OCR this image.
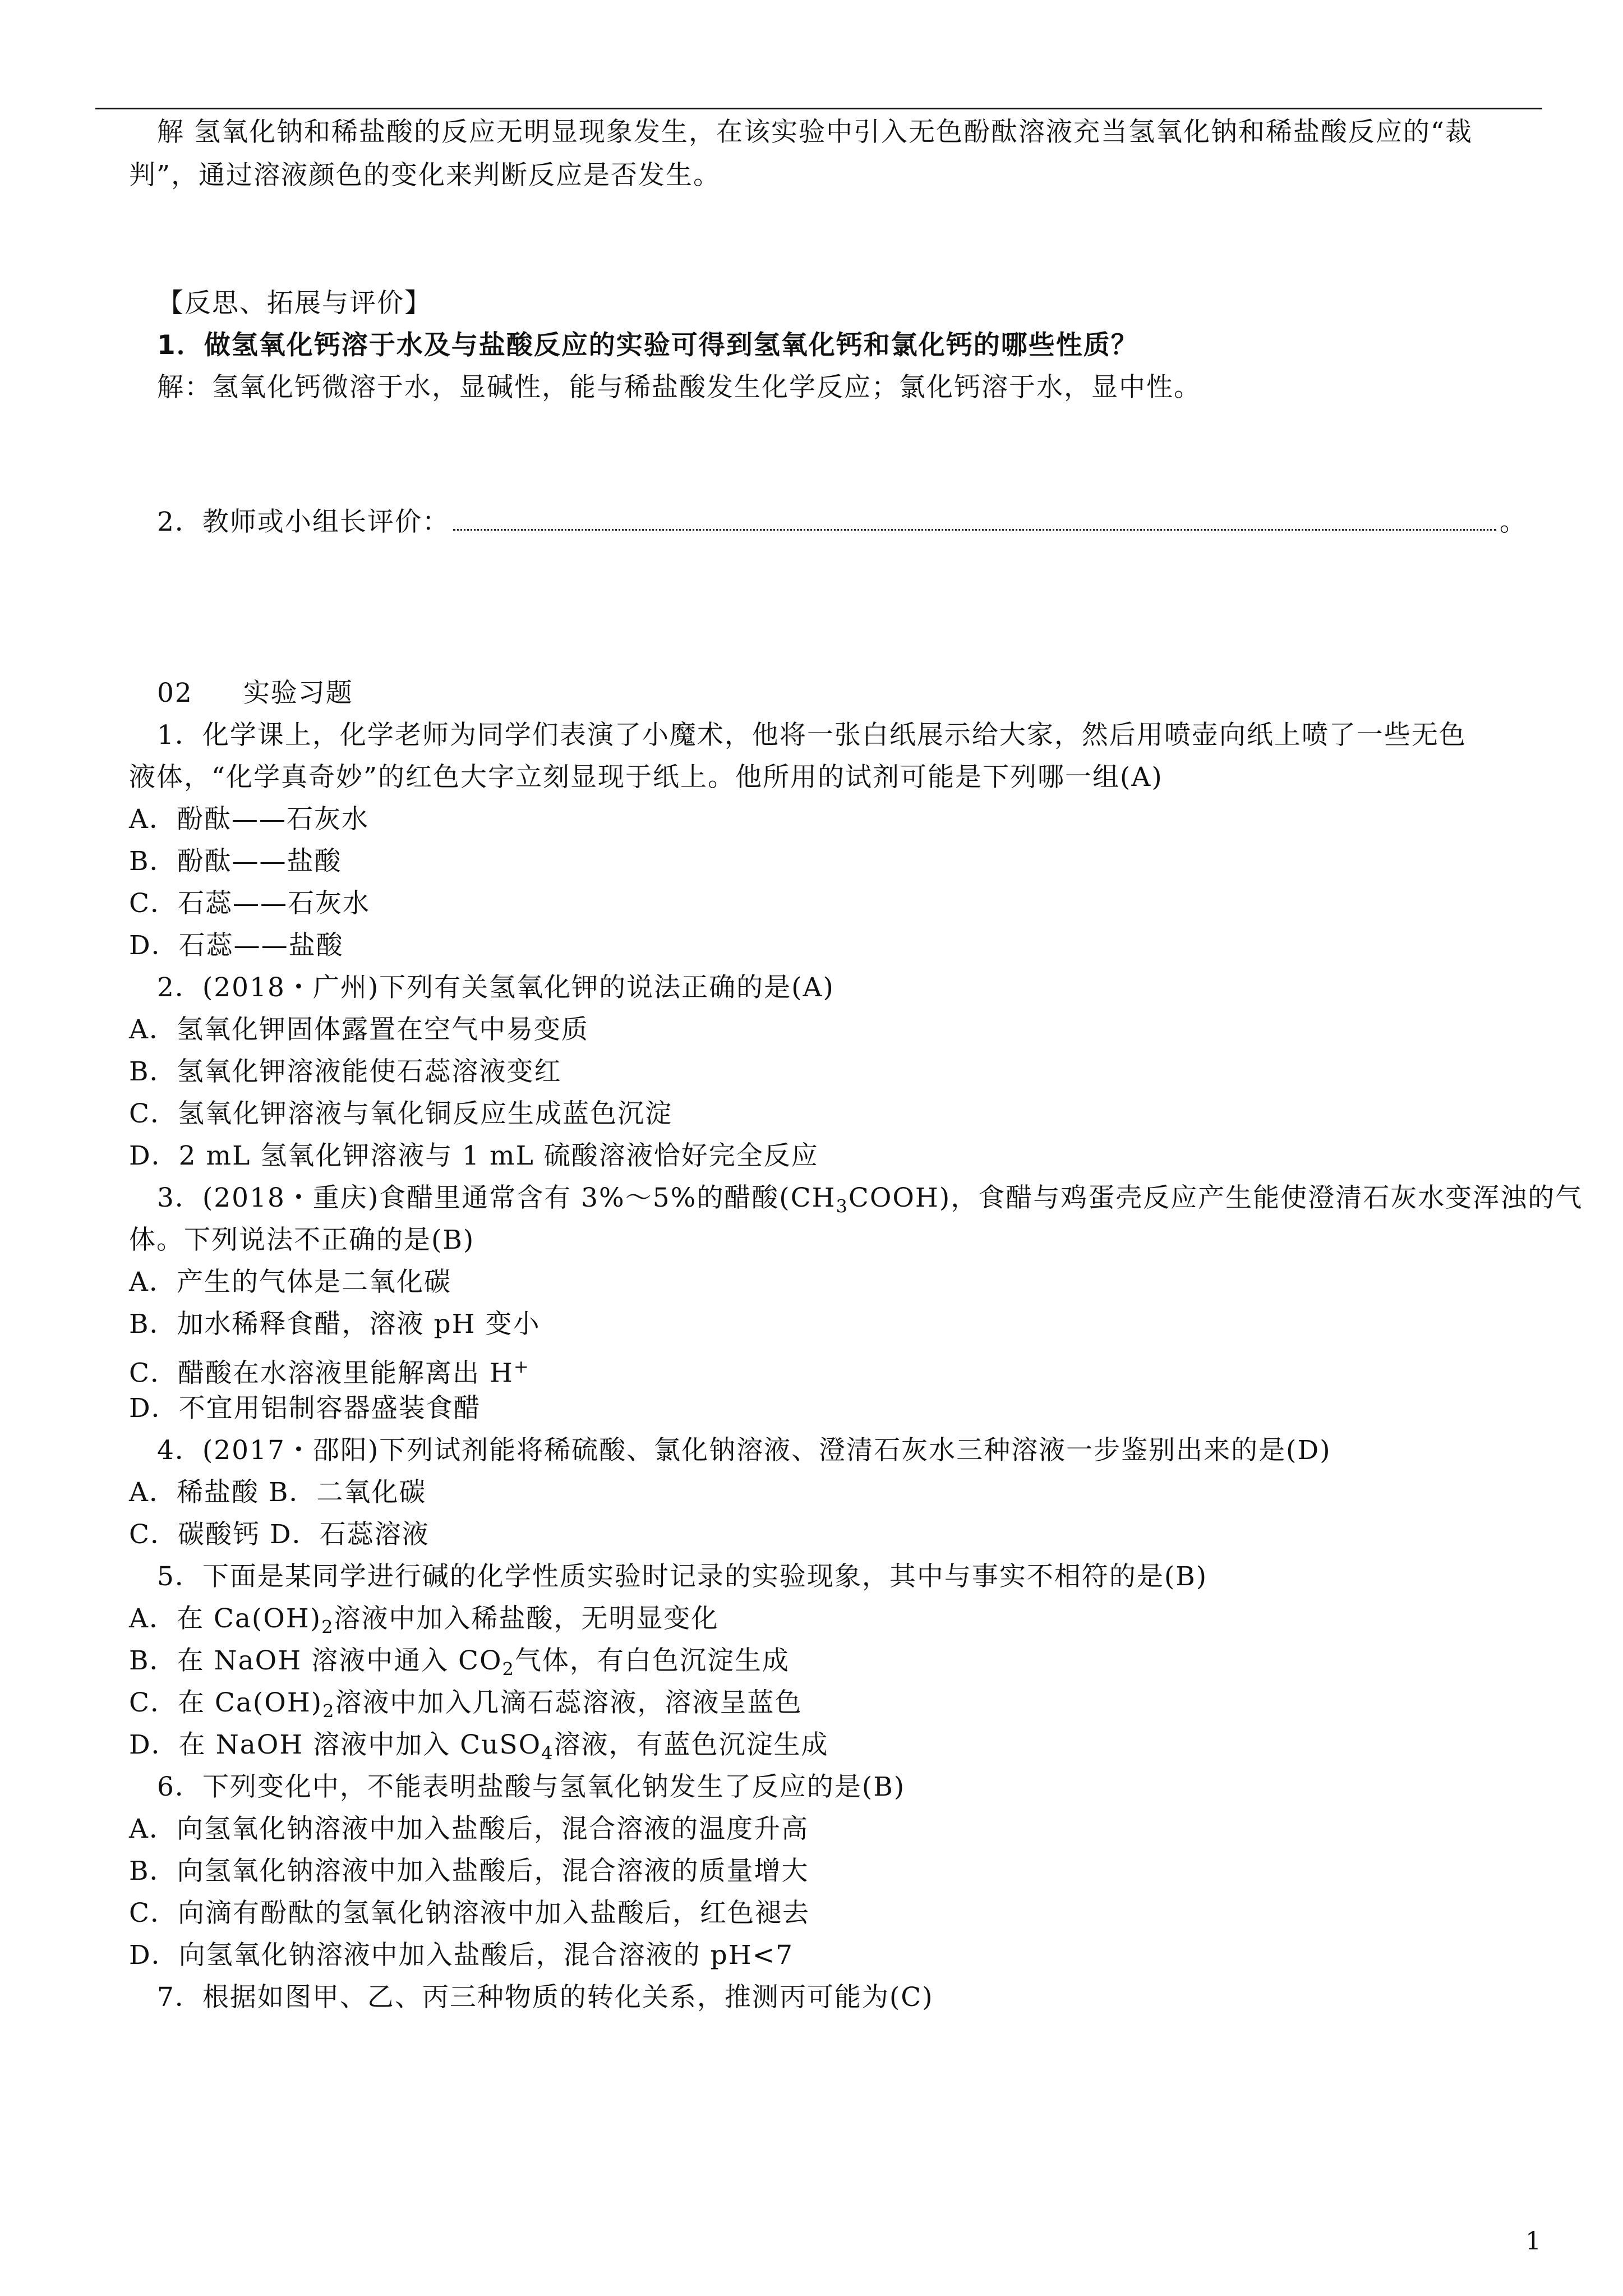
解 氢氧化钠和稀盐酸的反应无明显现象发生，在该实验中引入无色酚酞溶液充当氢氧化钠和稀盐酸反应的“裁
判”，通过溶液颜色的变化来判断反应是否发生。
【反思、拓展与评价】
1．做氢氧化钙溶于水及与盐酸反应的实验可得到氢氧化钙和氯化钙的哪些性质？
解：氢氧化钙微溶于水，显碱性，能与稀盐酸发生化学反应；氯化钙溶于水，显中性。
2．教师或小组长评价：	。
02 实验习题
1．化学课上，化学老师为同学们表演了小魔术，他将一张白纸展示给大家，然后用喷壶向纸上喷了一些无色
液体，“化学真奇妙”的红色大字立刻显现于纸上。他所用的试剂可能是下列哪一组(A)
A．酚酞——石灰水
B．酚酞——盐酸
C．石蕊——石灰水
D．石蕊——盐酸
2．(2018・广州)下列有关氢氧化钾的说法正确的是(A)
A．氢氧化钾固体露置在空气中易变质
B．氢氧化钾溶液能使石蕊溶液变红
C．氢氧化钾溶液与氧化铜反应生成蓝色沉淀
D．2 mL 氢氧化钾溶液与 1 mL 硫酸溶液恰好完全反应
3．(2018・重庆)食醋里通常含有 3%～5%的醋酸$(CH_3COOH)$，食醋与鸡蛋壳反应产生能使澄清石灰水变浑浊的气
体。下列说法不正确的是(B)
A．产生的气体是二氧化碳
B．加水稀释食醋，溶液 pH 变小
C．醋酸在水溶液里能解离出 H+
D．不宜用铝制容器盛装食醋
4．(2017・邵阳)下列试剂能将稀硫酸、氯化钠溶液、澄清石灰水三种溶液一步鉴别出来的是(D)
A．稀盐酸 B．二氧化碳
C．碳酸钙 D．石蕊溶液
5．下面是某同学进行碱的化学性质实验时记录的实验现象，其中与事实不相符的是(B)
A．在 $Ca(OH)_2$溶液中加入稀盐酸，无明显变化
B．在 NaOH 溶液中通入 $CO_2$气体，有白色沉淀生成
C．在 $Ca(OH)_2$溶液中加入几滴石蕊溶液，溶液呈蓝色
D．在 NaOH 溶液中加入 CuSO$_4$溶液，有蓝色沉淀生成
6．下列变化中，不能表明盐酸与氢氧化钠发生了反应的是(B)
A．向氢氧化钠溶液中加入盐酸后，混合溶液的温度升高
B．向氢氧化钠溶液中加入盐酸后，混合溶液的质量增大
C．向滴有酚酞的氢氧化钠溶液中加入盐酸后，红色褪去
D．向氢氧化钠溶液中加入盐酸后，混合溶液的 pH<7
7．根据如图甲、乙、丙三种物质的转化关系，推测丙可能为(C)
1
